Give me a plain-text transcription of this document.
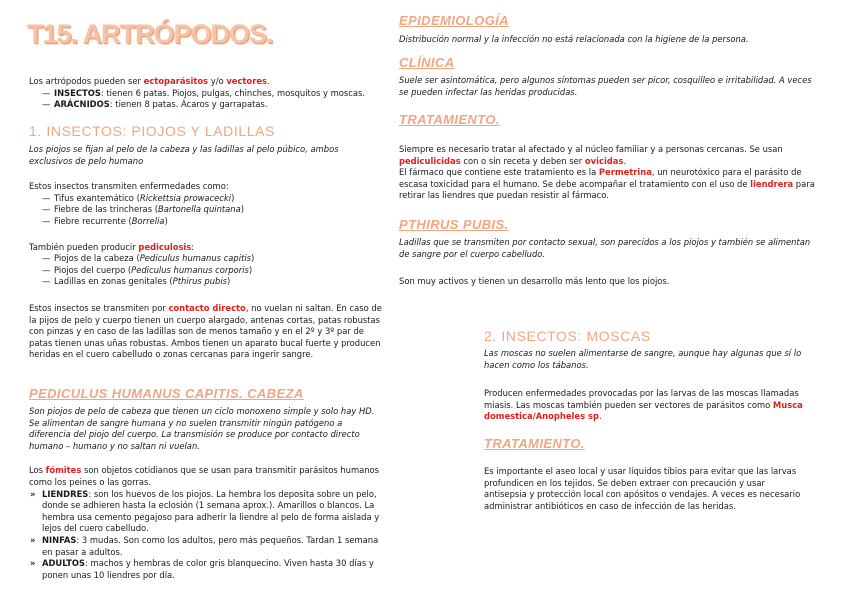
T15. ARTRÓPODOS.

Los artrópodos pueden ser ectoparásitos y/o vectores.

— INSECTOS: tienen 6 patas. Piojos, pulgas, chinches, mosquitos y moscas.
— ARÁCNIDOS: tienen 8 patas. Ácaros y garrapatas.
1. INSECTOS: PIOJOS Y LADILLAS

Los piojos se fijan al pelo de la cabeza y las ladillas al pelo púbico, ambos exclusivos de pelo humano

Estos insectos transmiten enfermedades como:

— Tifus exantemático (Rickettsia prowacecki)
— Fiebre de las trincheras (Bartonella quintana)
— Fiebre recurrente (Borrelia)

También pueden producir pediculosis:

— Piojos de la cabeza (Pediculus humanus capitis)
— Piojos del cuerpo (Pediculus humanus corporis)
— Ladillas en zonas genitales (Pthirus pubis)

Estos insectos se transmiten por contacto directo, no vuelan ni saltan. En caso de la pijos de pelo y cuerpo tienen un cuerpo alargado, antenas cortas, patas robustas con pinzas y en caso de las ladillas son de menos tamaño y en el 2º y 3º par de patas tienen unas uñas robustas. Ambos tienen un aparato bucal fuerte y producen heridas en el cuero cabelludo o zonas cercanas para ingerir sangre.

PEDICULUS HUMANUS CAPITIS. CABEZA

Son piojos de pelo de cabeza que tienen un ciclo monoxeno simple y solo hay HD. Se alimentan de sangre humana y no suelen transmitir ningún patógeno a diferencia del piojo del cuerpo. La transmisión se produce por contacto directo humano – humano y no saltan ni vuelan.

Los fómites son objetos cotidianos que se usan para transmitir parásitos humanos como los peines o las gorras.

» LIENDRES: son los huevos de los piojos. La hembra los deposita sobre un pelo, donde se adhieren hasta la eclosión (1 semana aprox.). Amarillos o blancos. La hembra usa cemento pegajoso para adherir la liendre al pelo de forma aislada y lejos del cuero cabelludo.
» NINFAS: 3 mudas. Son como los adultos, pero más pequeños. Tardan 1 semana en pasar a adultos.
» ADULTOS: machos y hembras de color gris blanquecino. Viven hasta 30 días y ponen unas 10 liendres por día.
EPIDEMIOLOGÍA

Distribución normal y la infección no está relacionada con la higiene de la persona.

CLÍNICA

Suele ser asintomática, pero algunos síntomas pueden ser picor, cosquilleo e irritabilidad. A veces se pueden infectar las heridas producidas.

TRATAMIENTO.

Siempre es necesario tratar al afectado y al núcleo familiar y a personas cercanas. Se usan pediculicidas con o sin receta y deben ser ovicidas.

El fármaco que contiene este tratamiento es la Permetrina, un neurotóxico para el parásito de escasa toxicidad para el humano. Se debe acompañar el tratamiento con el uso de liendrera para retirar las liendres que puedan resistir al fármaco.

PTHIRUS PUBIS.

Ladillas que se transmiten por contacto sexual, son parecidos a los piojos y también se alimentan de sangre por el cuerpo cabelludo.

Son muy activos y tienen un desarrollo más lento que los piojos.

2. INSECTOS: MOSCAS

Las moscas no suelen alimentarse de sangre, aunque hay algunas que sí lo hacen como los tábanos.

Producen enfermedades provocadas por las larvas de las moscas llamadas miasis. Las moscas también pueden ser vectores de parásitos como Musca domestica/Anopheles sp.

TRATAMIENTO.

Es importante el aseo local y usar líquidos tibios para evitar que las larvas profundicen en los tejidos. Se deben extraer con precaución y usar antisepsia y protección local con apósitos o vendajes. A veces es necesario administrar antibióticos en caso de infección de las heridas.
